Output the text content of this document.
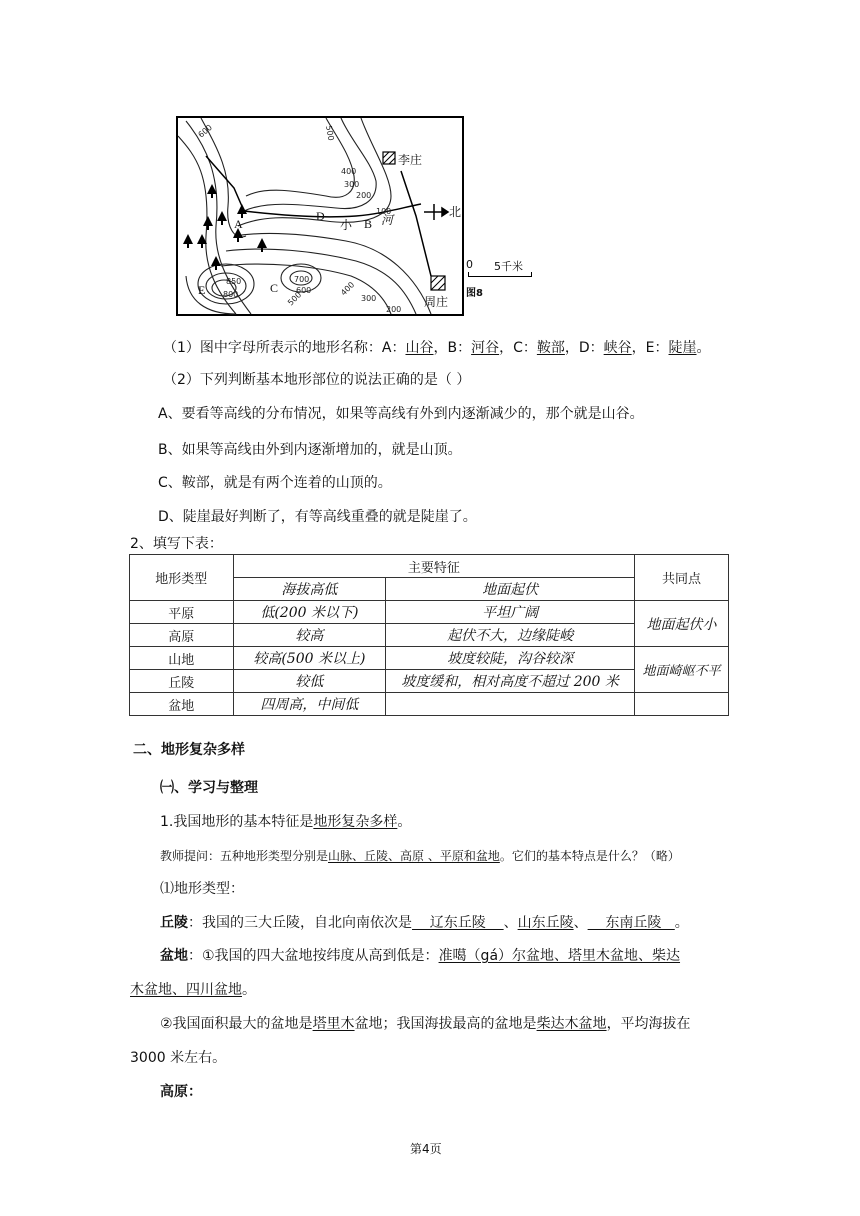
600	500
400
300
200
100
850
800
700
600
500
400
300
200
A	B
C
D
E
小 河
李庄
周庄
北
0 5千米
图8
（1）图中字母所表示的地形名称：A：山谷，B：河谷，C：鞍部，D：峡谷，E：陡崖。
（2）下列判断基本地形部位的说法正确的是（ ）
A、要看等高线的分布情况，如果等高线有外到内逐渐减少的，那个就是山谷。
B、如果等高线由外到内逐渐增加的，就是山顶。
C、鞍部，就是有两个连着的山顶的。
D、陡崖最好判断了，有等高线重叠的就是陡崖了。
2、填写下表：
地形类型	主要特征		共同点
	海拔高低	地面起伏	
平原	低(200 米以下)	平坦广阔	地面起伏小
高原	较高	起伏不大，边缘陡峻	
山地	较高(500 米以上)	坡度较陡，沟谷较深	地面崎岖不平
丘陵	较低	坡度缓和，相对高度不超过 200 米	
盆地	四周高，中间低		
二、地形复杂多样
㈠、学习与整理
1.我国地形的基本特征是地形复杂多样。
教师提问：五种地形类型分别是山脉、丘陵、高原 、平原和盆地。它们的基本特点是什么？（略）
⑴地形类型：
丘陵：我国的三大丘陵，自北向南依次是    辽东丘陵    、山东丘陵、    东南丘陵   。
盆地：①我国的四大盆地按纬度从高到低是：准噶（gá）尔盆地、塔里木盆地、柴达
木盆地、四川盆地。
②我国面积最大的盆地是塔里木盆地；我国海拔最高的盆地是柴达木盆地，平均海拔在
3000 米左右。
高原：
第4页
